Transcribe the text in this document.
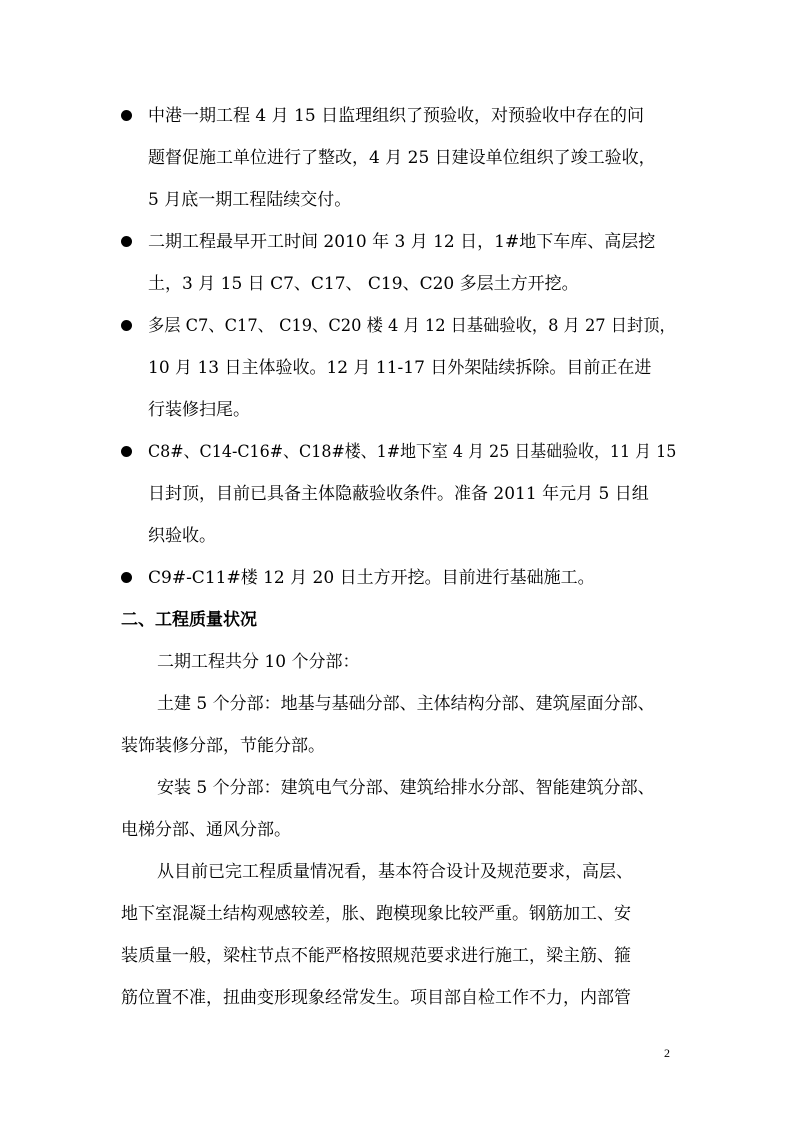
中港一期工程 4 月 15 日监理组织了预验收，对预验收中存在的问
题督促施工单位进行了整改，4 月 25 日建设单位组织了竣工验收，
5 月底一期工程陆续交付。
二期工程最早开工时间 2010 年 3 月 12 日，1#地下车库、高层挖
土，3 月 15 日 C7、C17、 C19、C20 多层土方开挖。
多层 C7、C17、 C19、C20 楼 4 月 12 日基础验收，8 月 27 日封顶，
10 月 13 日主体验收。12 月 11-17 日外架陆续拆除。目前正在进
行装修扫尾。
C8#、C14-C16#、C18#楼、1#地下室 4 月 25 日基础验收，11 月 15
日封顶，目前已具备主体隐蔽验收条件。准备 2011 年元月 5 日组
织验收。
C9#-C11#楼 12 月 20 日土方开挖。目前进行基础施工。
二、工程质量状况
二期工程共分 10 个分部：
土建 5 个分部：地基与基础分部、主体结构分部、建筑屋面分部、
装饰装修分部，节能分部。
安装 5 个分部：建筑电气分部、建筑给排水分部、智能建筑分部、
电梯分部、通风分部。
从目前已完工程质量情况看，基本符合设计及规范要求，高层、
地下室混凝土结构观感较差，胀、跑模现象比较严重。钢筋加工、安
装质量一般，梁柱节点不能严格按照规范要求进行施工，梁主筋、箍
筋位置不准，扭曲变形现象经常发生。项目部自检工作不力，内部管
2
